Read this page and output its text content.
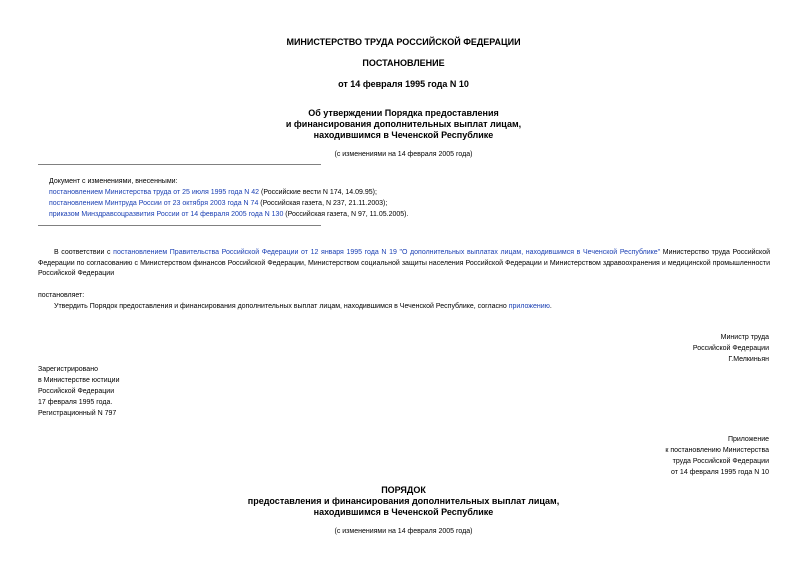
МИНИСТЕРСТВО ТРУДА РОССИЙСКОЙ ФЕДЕРАЦИИ
ПОСТАНОВЛЕНИЕ
от 14 февраля 1995 года N 10
Об утверждении Порядка предоставления
и финансирования дополнительных выплат лицам,
находившимся в Чеченской Республике
(с изменениями на 14 февраля 2005 года)
Документ с изменениями, внесенными:
постановлением Министерства труда от 25 июля 1995 года N 42 (Российские вести N 174, 14.09.95);
постановлением Минтруда России от 23 октября 2003 года N 74 (Российская газета, N 237, 21.11.2003);
приказом Минздравсоцразвития России от 14 февраля 2005 года N 130 (Российская газета, N 97, 11.05.2005).
В соответствии с постановлением Правительства Российской Федерации от 12 января 1995 года N 19 "О дополнительных выплатах лицам, находившимся в Чеченской Республике" Министерство труда Российской Федерации по согласованию с Министерством финансов Российской Федерации, Министерством социальной защиты населения Российской Федерации и Министерством здравоохранения и медицинской промышленности Российской Федерации
постановляет:
Утвердить Порядок предоставления и финансирования дополнительных выплат лицам, находившимся в Чеченской Республике, согласно приложению.
Министр труда
Российской Федерации
Г.Мелкиньян
Зарегистрировано
в Министерстве юстиции
Российской Федерации
17 февраля 1995 года.
Регистрационный N 797
Приложение
к постановлению Министерства
труда Российской Федерации
от 14 февраля 1995 года N 10
ПОРЯДОК
предоставления и финансирования дополнительных выплат лицам,
находившимся в Чеченской Республике
(с изменениями на 14 февраля 2005 года)
